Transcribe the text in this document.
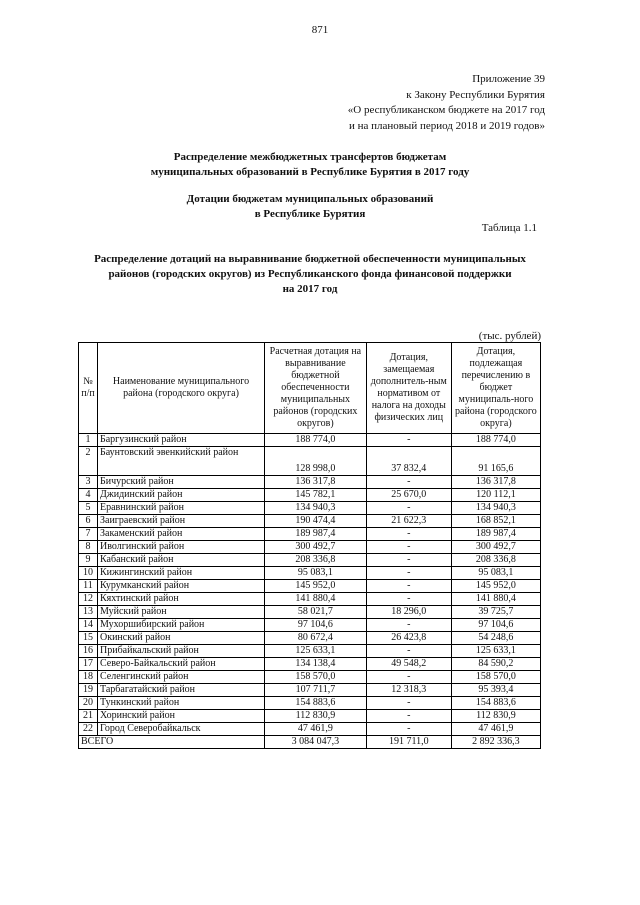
871
Приложение 39
к Закону Республики Бурятия
«О республиканском бюджете на 2017 год
и на плановый период 2018 и 2019 годов»
Распределение межбюджетных трансфертов бюджетам
муниципальных образований в Республике Бурятия в 2017 году
Дотации бюджетам муниципальных образований
в Республике Бурятия
Таблица 1.1
Распределение дотаций на выравнивание бюджетной обеспеченности муниципальных
районов (городских округов) из Республиканского фонда финансовой поддержки
на 2017 год
(тыс. рублей)
№ п/п	Наименование муниципального района (городского округа)	Расчетная дотация на выравнивание бюджетной обеспеченности муниципальных районов (городских округов)	Дотация, замещаемая дополнитель-ным нормативом от налога на доходы физических лиц	Дотация, подлежащая перечислению в бюджет муниципаль-ного района (городского округа)
1	Баргузинский район	188 774,0	-	188 774,0
2	Баунтовский эвенкийский район	128 998,0	37 832,4	91 165,6
3	Бичурский район	136 317,8	-	136 317,8
4	Джидинский район	145 782,1	25 670,0	120 112,1
5	Еравнинский район	134 940,3	-	134 940,3
6	Заиграевский район	190 474,4	21 622,3	168 852,1
7	Закаменский район	189 987,4	-	189 987,4
8	Иволгинский район	300 492,7	-	300 492,7
9	Кабанский район	208 336,8	-	208 336,8
10	Кижингинский район	95 083,1	-	95 083,1
11	Курумканский район	145 952,0	-	145 952,0
12	Кяхтинский район	141 880,4	-	141 880,4
13	Муйский район	58 021,7	18 296,0	39 725,7
14	Мухоршибирский район	97 104,6	-	97 104,6
15	Окинский район	80 672,4	26 423,8	54 248,6
16	Прибайкальский район	125 633,1	-	125 633,1
17	Северо-Байкальский район	134 138,4	49 548,2	84 590,2
18	Селенгинский район	158 570,0	-	158 570,0
19	Тарбагатайский район	107 711,7	12 318,3	95 393,4
20	Тункинский район	154 883,6	-	154 883,6
21	Хоринский район	112 830,9	-	112 830,9
22	Город Северобайкальск	47 461,9	-	47 461,9
ВСЕГО		3 084 047,3	191 711,0	2 892 336,3
